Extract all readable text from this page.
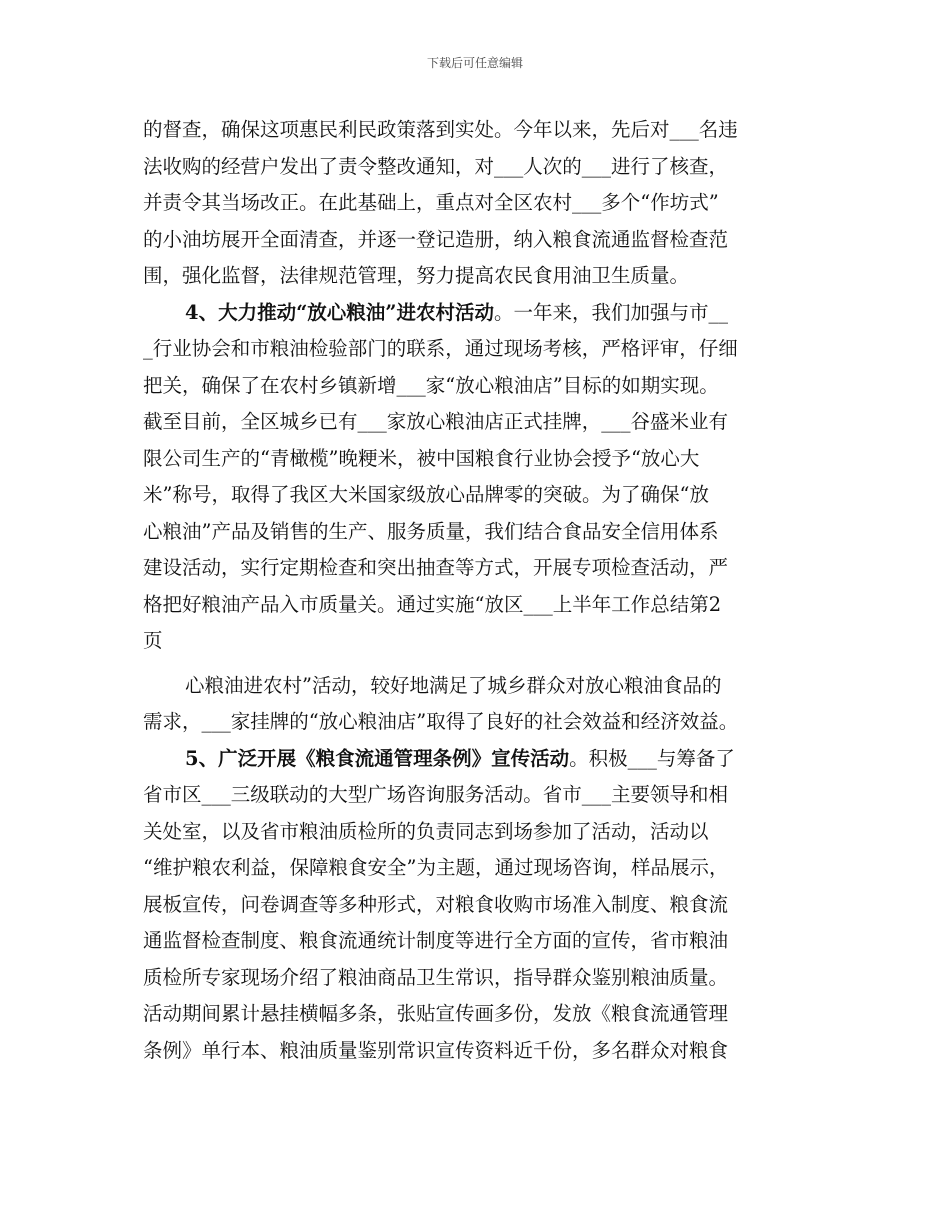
下载后可任意编辑
的督查，确保这项惠民利民政策落到实处。今年以来，先后对___名违
法收购的经营户发出了责令整改通知，对___人次的___进行了核查，
并责令其当场改正。在此基础上，重点对全区农村___多个“作坊式”
的小油坊展开全面清查，并逐一登记造册，纳入粮食流通监督检查范
围，强化监督，法律规范管理，努力提高农民食用油卫生质量。
4、大力推动“放心粮油”进农村活动。一年来，我们加强与市__
_行业协会和市粮油检验部门的联系，通过现场考核，严格评审，仔细
把关，确保了在农村乡镇新增___家“放心粮油店”目标的如期实现。
截至目前，全区城乡已有___家放心粮油店正式挂牌，___谷盛米业有
限公司生产的“青橄榄”晚粳米，被中国粮食行业协会授予“放心大
米”称号，取得了我区大米国家级放心品牌零的突破。为了确保“放
心粮油”产品及销售的生产、服务质量，我们结合食品安全信用体系
建设活动，实行定期检查和突出抽查等方式，开展专项检查活动，严
格把好粮油产品入市质量关。通过实施“放区___上半年工作总结第2
页
心粮油进农村”活动，较好地满足了城乡群众对放心粮油食品的
需求，___家挂牌的“放心粮油店”取得了良好的社会效益和经济效益。
5、广泛开展《粮食流通管理条例》宣传活动。积极___与筹备了
省市区___三级联动的大型广场咨询服务活动。省市___主要领导和相
关处室，以及省市粮油质检所的负责同志到场参加了活动，活动以
“维护粮农利益，保障粮食安全”为主题，通过现场咨询，样品展示，
展板宣传，问卷调查等多种形式，对粮食收购市场准入制度、粮食流
通监督检查制度、粮食流通统计制度等进行全方面的宣传，省市粮油
质检所专家现场介绍了粮油商品卫生常识，指导群众鉴别粮油质量。
活动期间累计悬挂横幅多条，张贴宣传画多份，发放《粮食流通管理
条例》单行本、粮油质量鉴别常识宣传资料近千份，多名群众对粮食
